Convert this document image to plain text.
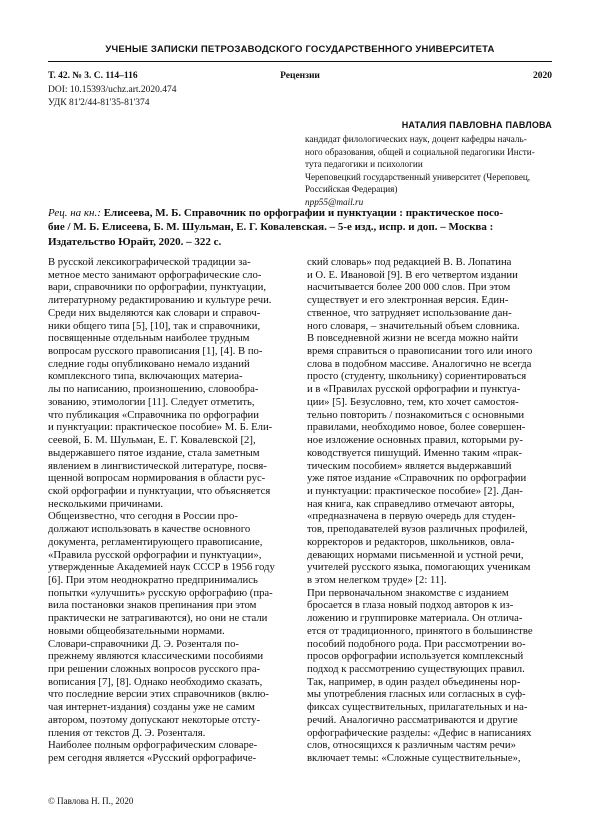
УЧЕНЫЕ ЗАПИСКИ ПЕТРОЗАВОДСКОГО ГОСУДАРСТВЕННОГО УНИВЕРСИТЕТА
Т. 42. № 3. С. 114–116	Рецензии	2020
DOI: 10.15393/uchz.art.2020.474
УДК 81'2/44-81'35-81'374
НАТАЛИЯ ПАВЛОВНА ПАВЛОВА
кандидат филологических наук, доцент кафедры началь-
ного образования, общей и социальной педагогики Инсти-
тута педагогики и психологии
Череповецкий государственный университет (Череповец,
Российская Федерация)
npp55@mail.ru
Рец. на кн.: Елисеева, М. Б. Справочник по орфографии и пунктуации : практическое посо-
бие / М. Б. Елисеева, Б. М. Шульман, Е. Г. Ковалевская. – 5-е изд., испр. и доп. – Москва :
Издательство Юрайт, 2020. – 322 с.
В русской лексикографической традиции за-
метное место занимают орфографические сло-
вари, справочники по орфографии, пунктуации,
литературному редактированию и культуре речи.
Среди них выделяются как словари и справоч-
ники общего типа [5], [10], так и справочники,
посвященные отдельным наиболее трудным
вопросам русского правописания [1], [4]. В по-
следние годы опубликовано немало изданий
комплексного типа, включающих материа-
лы по написанию, произношению, словообра-
зованию, этимологии [11]. Следует отметить,
что публикация «Справочника по орфографии
и пунктуации: практическое пособие» М. Б. Ели-
сеевой, Б. М. Шульман, Е. Г. Ковалевской [2],
выдержавшего пятое издание, стала заметным
явлением в лингвистической литературе, посвя-
щенной вопросам нормирования в области рус-
ской орфографии и пунктуации, что объясняется
несколькими причинами.
Общеизвестно, что сегодня в России про-
должают использовать в качестве основного
документа, регламентирующего правописание,
«Правила русской орфографии и пунктуации»,
утвержденные Академией наук СССР в 1956 году
[6]. При этом неоднократно предпринимались
попытки «улучшить» русскую орфографию (пра-
вила постановки знаков препинания при этом
практически не затрагиваются), но они не стали
новыми общеобязательными нормами.
Словари-справочники Д. Э. Розенталя по-
прежнему являются классическими пособиями
при решении сложных вопросов русского пра-
вописания [7], [8]. Однако необходимо сказать,
что последние версии этих справочников (вклю-
чая интернет-издания) созданы уже не самим
автором, поэтому допускают некоторые отсту-
пления от текстов Д. Э. Розенталя.
Наиболее полным орфографическим словаре-
рем сегодня является «Русский орфографиче-
ский словарь» под редакцией В. В. Лопатина
и О. Е. Ивановой [9]. В его четвертом издании
насчитывается более 200 000 слов. При этом
существует и его электронная версия. Един-
ственное, что затрудняет использование дан-
ного словаря, – значительный объем словника.
В повседневной жизни не всегда можно найти
время справиться о правописании того или иного
слова в подобном массиве. Аналогично не всегда
просто (студенту, школьнику) сориентироваться
и в «Правилах русской орфографии и пунктуа-
ции» [5]. Безусловно, тем, кто хочет самостоя-
тельно повторить / познакомиться с основными
правилами, необходимо новое, более совершен-
ное изложение основных правил, которыми ру-
ководствуется пишущий. Именно таким «прак-
тическим пособием» является выдержавший
уже пятое издание «Справочник по орфографии
и пунктуации: практическое пособие» [2]. Дан-
ная книга, как справедливо отмечают авторы,
«предназначена в первую очередь для студен-
тов, преподавателей вузов различных профилей,
корректоров и редакторов, школьников, овла-
девающих нормами письменной и устной речи,
учителей русского языка, помогающих ученикам
в этом нелегком труде» [2: 11].
При первоначальном знакомстве с изданием
бросается в глаза новый подход авторов к из-
ложению и группировке материала. Он отлича-
ется от традиционного, принятого в большинстве
пособий подобного рода. При рассмотрении во-
просов орфографии используется комплексный
подход к рассмотрению существующих правил.
Так, например, в один раздел объединены нор-
мы употребления гласных или согласных в суф-
фиксах существительных, прилагательных и на-
речий. Аналогично рассматриваются и другие
орфографические разделы: «Дефис в написаниях
слов, относящихся к различным частям речи»
включает темы: «Сложные существительные»,
© Павлова Н. П., 2020
